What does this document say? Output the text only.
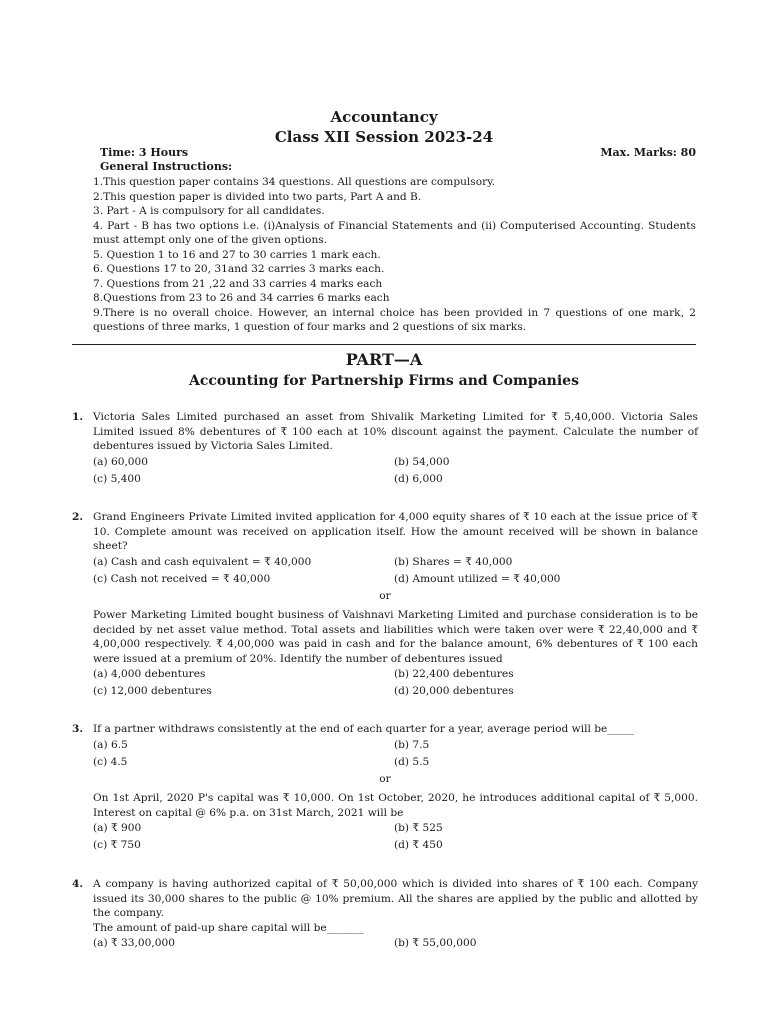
Accountancy
Class XII Session 2023-24
Time: 3 Hours	Max. Marks: 80
General Instructions:
1.This question paper contains 34 questions. All questions are compulsory.
2.This question paper is divided into two parts, Part A and B.
3. Part - A is compulsory for all candidates.
4. Part - B has two options i.e. (i)Analysis of Financial Statements and (ii) Computerised Accounting. Students must attempt only one of the given options.
5. Question 1 to 16 and 27 to 30 carries 1 mark each.
6. Questions 17 to 20, 31and 32 carries 3 marks each.
7. Questions from 21 ,22 and 33 carries 4 marks each
8.Questions from 23 to 26 and 34 carries 6 marks each
9.There is no overall choice. However, an internal choice has been provided in 7 questions of one mark, 2 questions of three marks, 1 question of four marks and 2 questions of six marks.
PART—A
Accounting for Partnership Firms and Companies
1. Victoria Sales Limited purchased an asset from Shivalik Marketing Limited for ₹ 5,40,000. Victoria Sales Limited issued 8% debentures of ₹ 100 each at 10% discount against the payment. Calculate the number of debentures issued by Victoria Sales Limited.
(a) 60,000	(b) 54,000
(c) 5,400	(d) 6,000
2. Grand Engineers Private Limited invited application for 4,000 equity shares of ₹ 10 each at the issue price of ₹ 10. Complete amount was received on application itself. How the amount received will be shown in balance sheet?
(a) Cash and cash equivalent = ₹ 40,000	(b) Shares = ₹ 40,000
(c) Cash not received = ₹ 40,000	(d) Amount utilized = ₹ 40,000
or
Power Marketing Limited bought business of Vaishnavi Marketing Limited and purchase consideration is to be decided by net asset value method. Total assets and liabilities which were taken over were ₹ 22,40,000 and ₹ 4,00,000 respectively. ₹ 4,00,000 was paid in cash and for the balance amount, 6% debentures of ₹ 100 each were issued at a premium of 20%. Identify the number of debentures issued
(a) 4,000 debentures	(b) 22,400 debentures
(c) 12,000 debentures	(d) 20,000 debentures
3. If a partner withdraws consistently at the end of each quarter for a year, average period will be_____
(a) 6.5	(b) 7.5
(c) 4.5	(d) 5.5
or
On 1st April, 2020 P's capital was ₹ 10,000. On 1st October, 2020, he introduces additional capital of ₹ 5,000. Interest on capital @ 6% p.a. on 31st March, 2021 will be
(a) ₹ 900	(b) ₹ 525
(c) ₹ 750	(d) ₹ 450
4. A company is having authorized capital of ₹ 50,00,000 which is divided into shares of ₹ 100 each. Company issued its 30,000 shares to the public @ 10% premium. All the shares are applied by the public and allotted by the company.
The amount of paid-up share capital will be_______
(a) ₹ 33,00,000	(b) ₹ 55,00,000
